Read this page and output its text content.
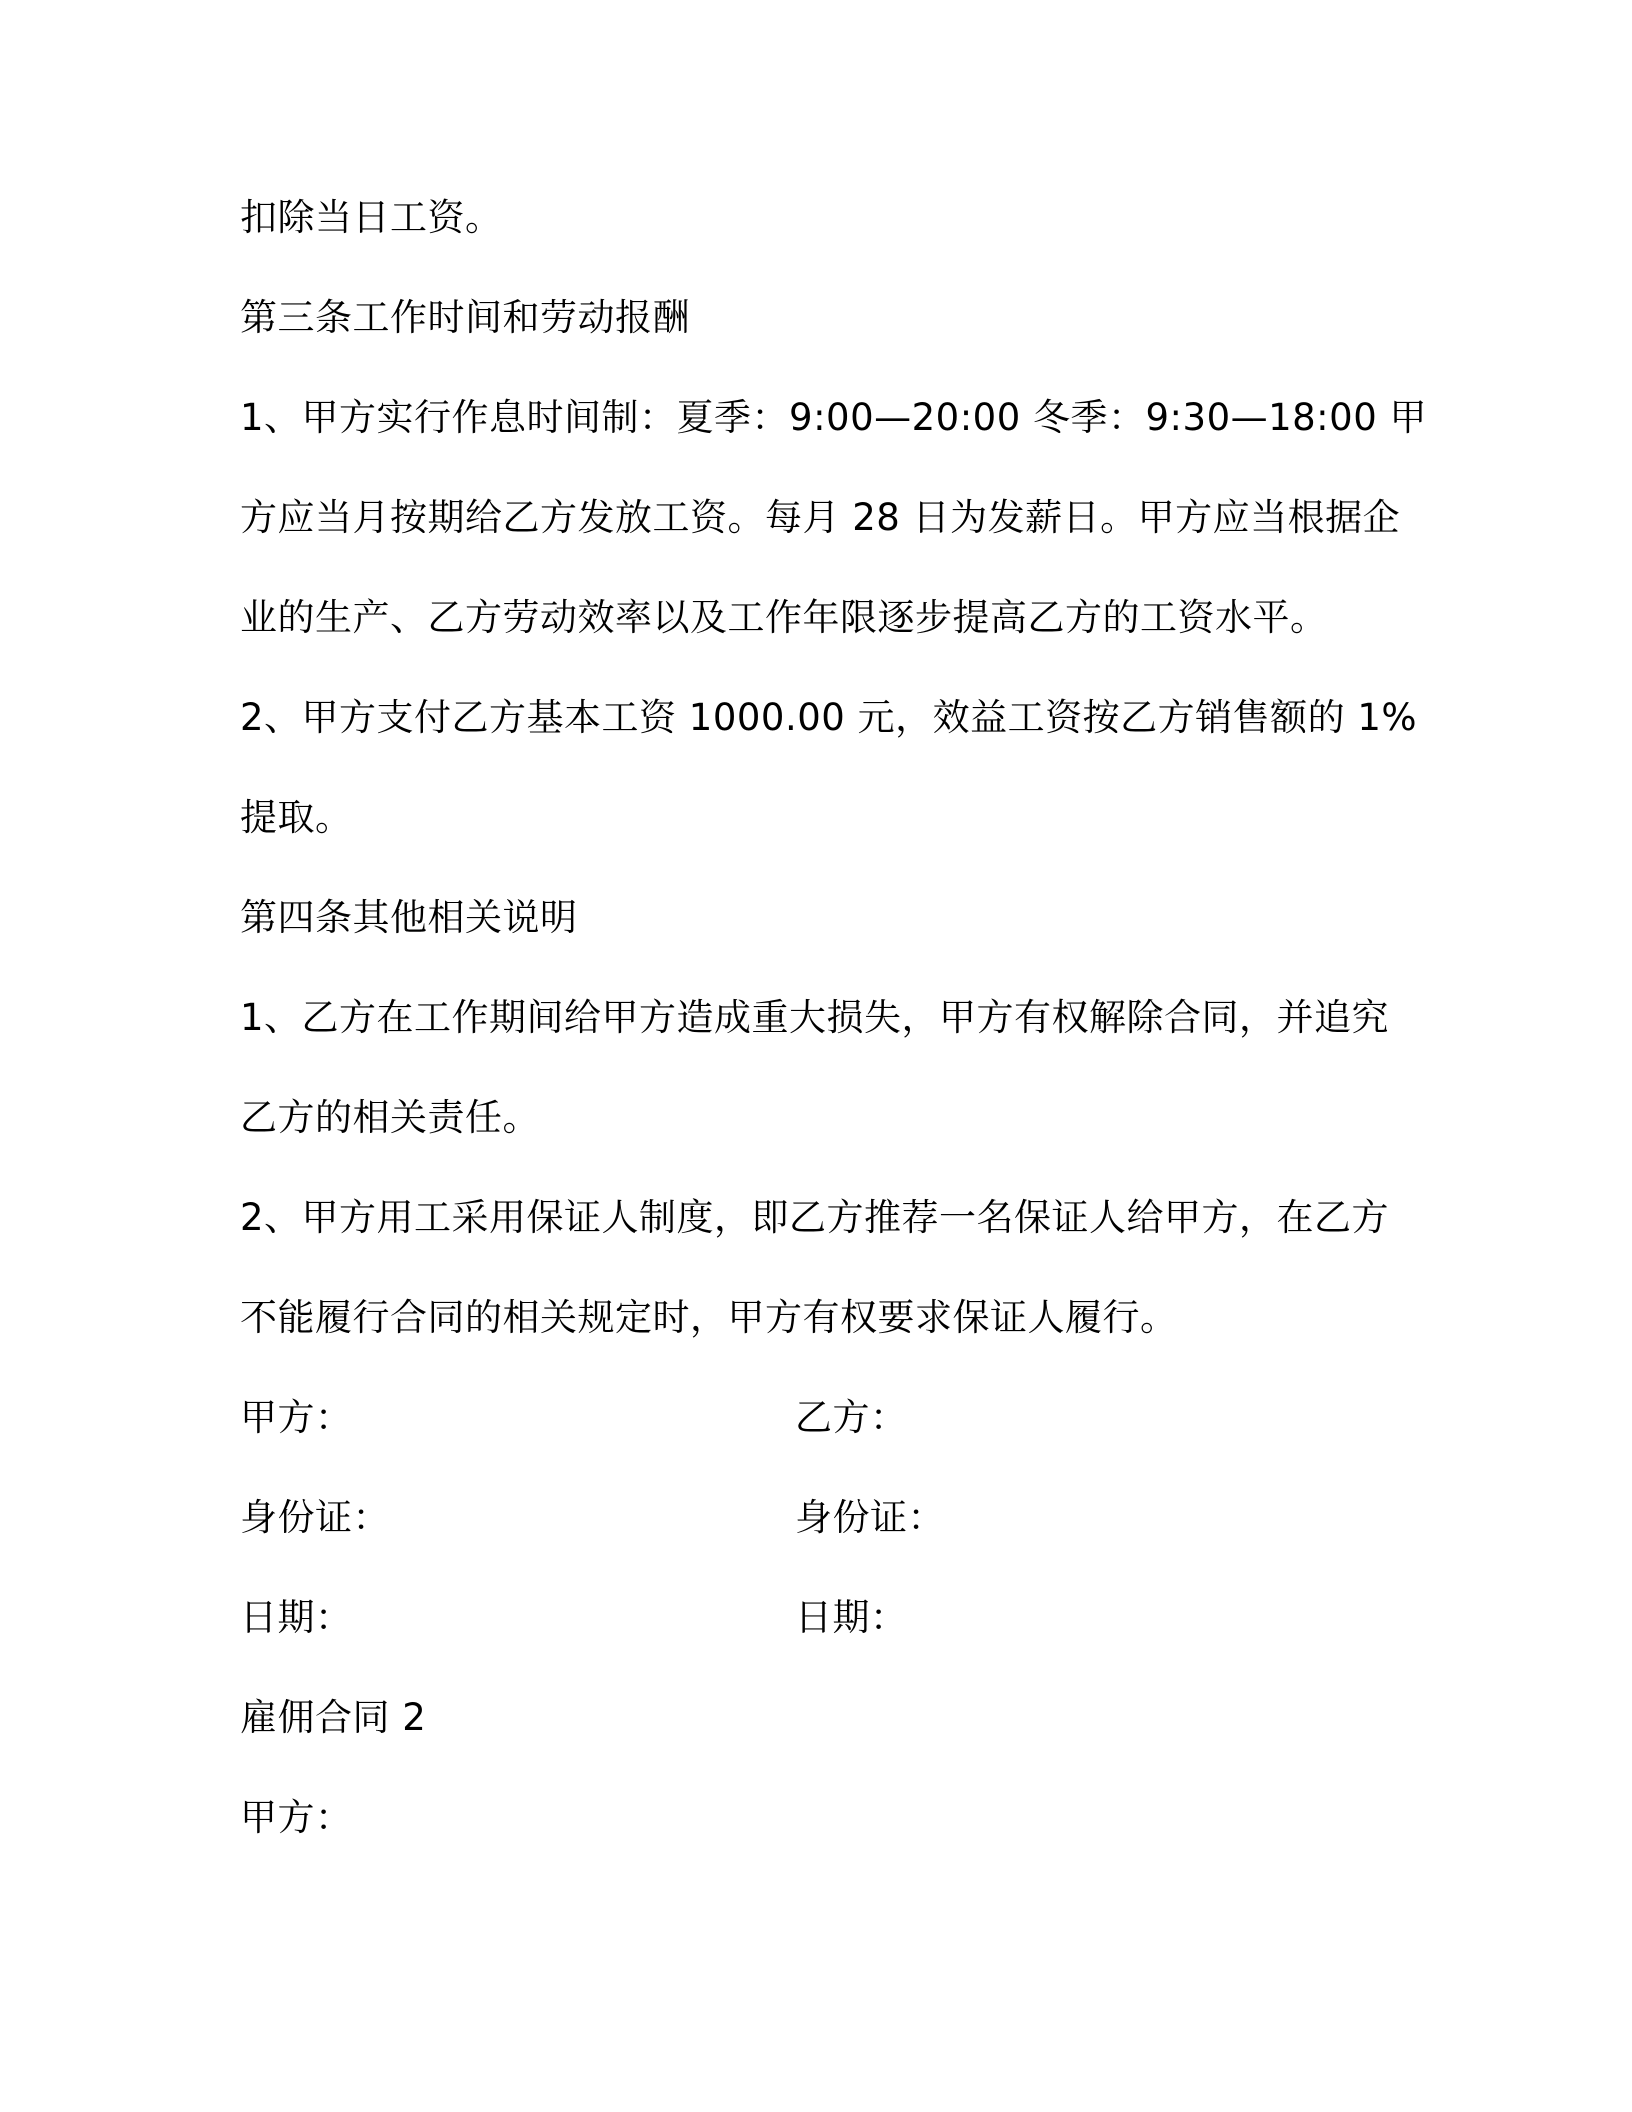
扣除当日工资。
第三条工作时间和劳动报酬
1、甲方实行作息时间制：夏季：9:00—20:00 冬季：9:30—18:00 甲
方应当月按期给乙方发放工资。每月 28 日为发薪日。甲方应当根据企
业的生产、乙方劳动效率以及工作年限逐步提高乙方的工资水平。
2、甲方支付乙方基本工资 1000.00 元，效益工资按乙方销售额的 1%
提取。
第四条其他相关说明
1、乙方在工作期间给甲方造成重大损失，甲方有权解除合同，并追究
乙方的相关责任。
2、甲方用工采用保证人制度，即乙方推荐一名保证人给甲方，在乙方
不能履行合同的相关规定时，甲方有权要求保证人履行。
甲方：	乙方：
身份证：	身份证：
日期：	日期：
雇佣合同 2
甲方：
